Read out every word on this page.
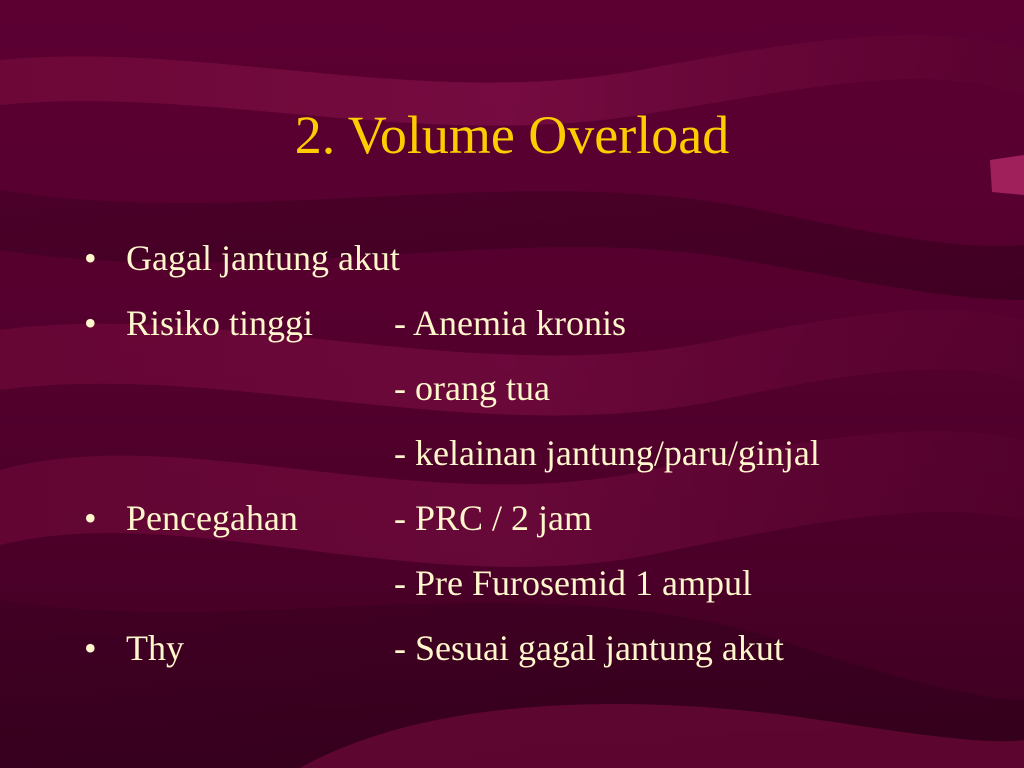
2. Volume Overload
• Gagal jantung akut
• Risiko tinggi - Anemia kronis
- orang tua
- kelainan jantung/paru/ginjal
• Pencegahan	- PRC / 2 jam
- Pre Furosemid 1 ampul
• Thy	- Sesuai gagal jantung akut
